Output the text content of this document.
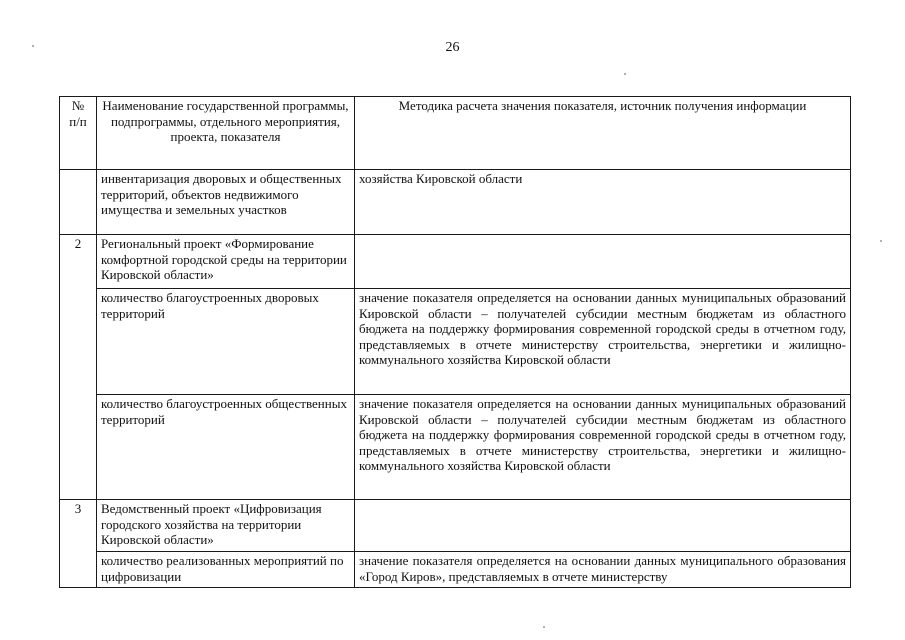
26
№ п/п	Наименование государственной программы, подпрограммы, отдельного мероприятия, проекта, показателя	Методика расчета значения показателя, источник получения информации
	инвентаризация дворовых и общественных территорий, объектов недвижимого имущества и земельных участков	хозяйства Кировской области
2	Региональный проект «Формирование комфортной городской среды на территории Кировской области»	
	количество благоустроенных дворовых территорий	значение показателя определяется на основании данных муниципальных образований Кировской области – получателей субсидии местным бюджетам из областного бюджета на поддержку формирования современной городской среды в отчетном году, представляемых в отчете министерству строительства, энергетики и жилищно-коммунального хозяйства Кировской области
	количество благоустроенных общественных территорий	значение показателя определяется на основании данных муниципальных образований Кировской области – получателей субсидии местным бюджетам из областного бюджета на поддержку формирования современной городской среды в отчетном году, представляемых в отчете министерству строительства, энергетики и жилищно-коммунального хозяйства Кировской области
3	Ведомственный проект «Цифровизация городского хозяйства на территории Кировской области»	
	количество реализованных мероприятий по цифровизации	значение показателя определяется на основании данных муниципального образования «Город Киров», представляемых в отчете министерству
